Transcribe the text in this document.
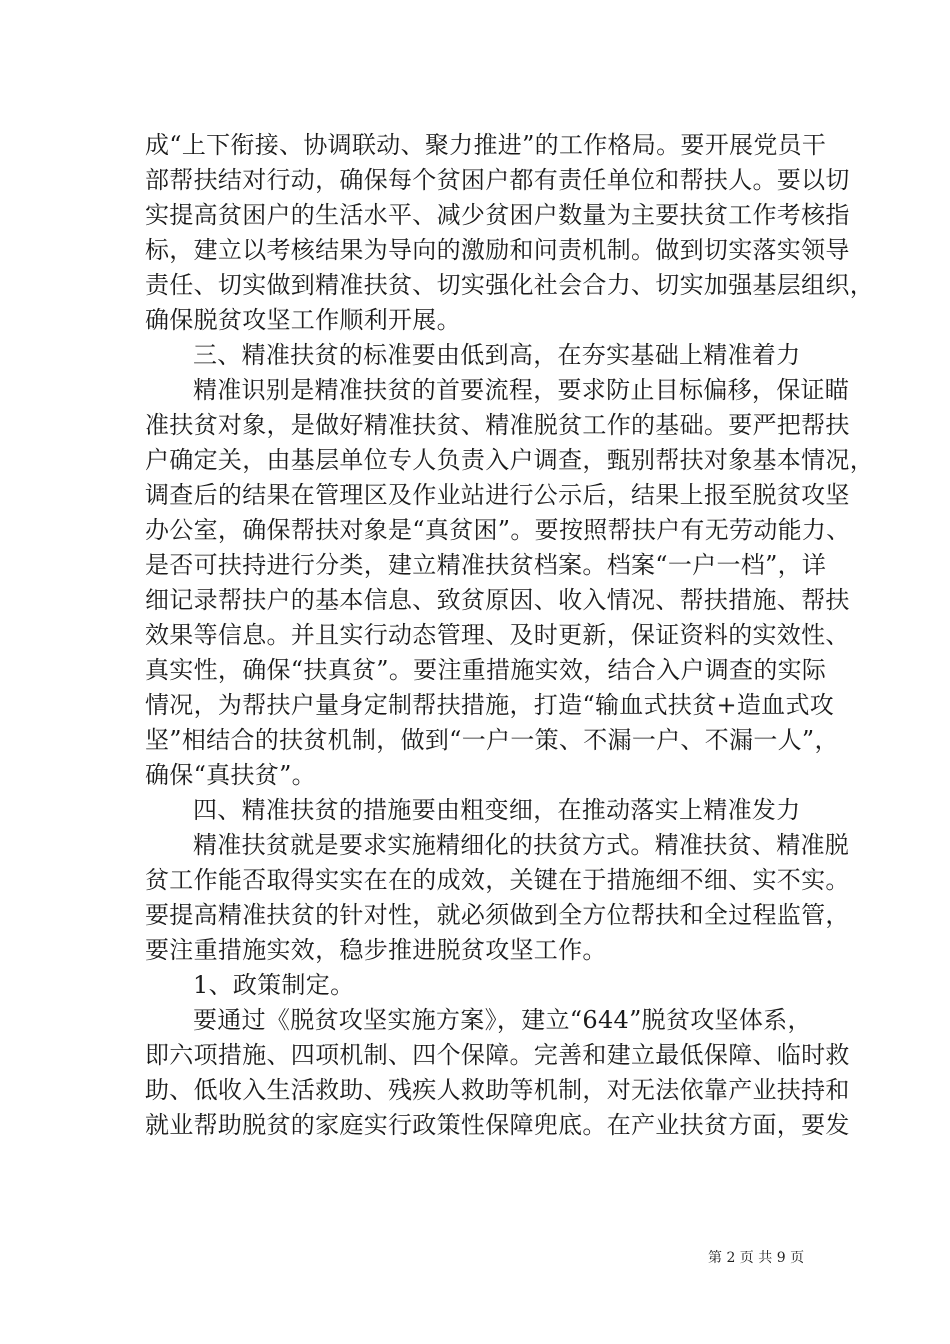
成“上下衔接、协调联动、聚力推进”的工作格局。要开展党员干
部帮扶结对行动，确保每个贫困户都有责任单位和帮扶人。要以切
实提高贫困户的生活水平、减少贫困户数量为主要扶贫工作考核指
标，建立以考核结果为导向的激励和问责机制。做到切实落实领导
责任、切实做到精准扶贫、切实强化社会合力、切实加强基层组织，
确保脱贫攻坚工作顺利开展。
三、精准扶贫的标准要由低到高，在夯实基础上精准着力
精准识别是精准扶贫的首要流程，要求防止目标偏移，保证瞄
准扶贫对象，是做好精准扶贫、精准脱贫工作的基础。要严把帮扶
户确定关，由基层单位专人负责入户调查，甄别帮扶对象基本情况，
调查后的结果在管理区及作业站进行公示后，结果上报至脱贫攻坚
办公室，确保帮扶对象是“真贫困”。要按照帮扶户有无劳动能力、
是否可扶持进行分类，建立精准扶贫档案。档案“一户一档”，详
细记录帮扶户的基本信息、致贫原因、收入情况、帮扶措施、帮扶
效果等信息。并且实行动态管理、及时更新，保证资料的实效性、
真实性，确保“扶真贫”。要注重措施实效，结合入户调查的实际
情况，为帮扶户量身定制帮扶措施，打造“输血式扶贫+造血式攻
坚”相结合的扶贫机制，做到“一户一策、不漏一户、不漏一人”，
确保“真扶贫”。
四、精准扶贫的措施要由粗变细，在推动落实上精准发力
精准扶贫就是要求实施精细化的扶贫方式。精准扶贫、精准脱
贫工作能否取得实实在在的成效，关键在于措施细不细、实不实。
要提高精准扶贫的针对性，就必须做到全方位帮扶和全过程监管，
要注重措施实效，稳步推进脱贫攻坚工作。
1、政策制定。
要通过《脱贫攻坚实施方案》，建立“644”脱贫攻坚体系，
即六项措施、四项机制、四个保障。完善和建立最低保障、临时救
助、低收入生活救助、残疾人救助等机制，对无法依靠产业扶持和
就业帮助脱贫的家庭实行政策性保障兜底。在产业扶贫方面，要发
第 2 页 共 9 页
